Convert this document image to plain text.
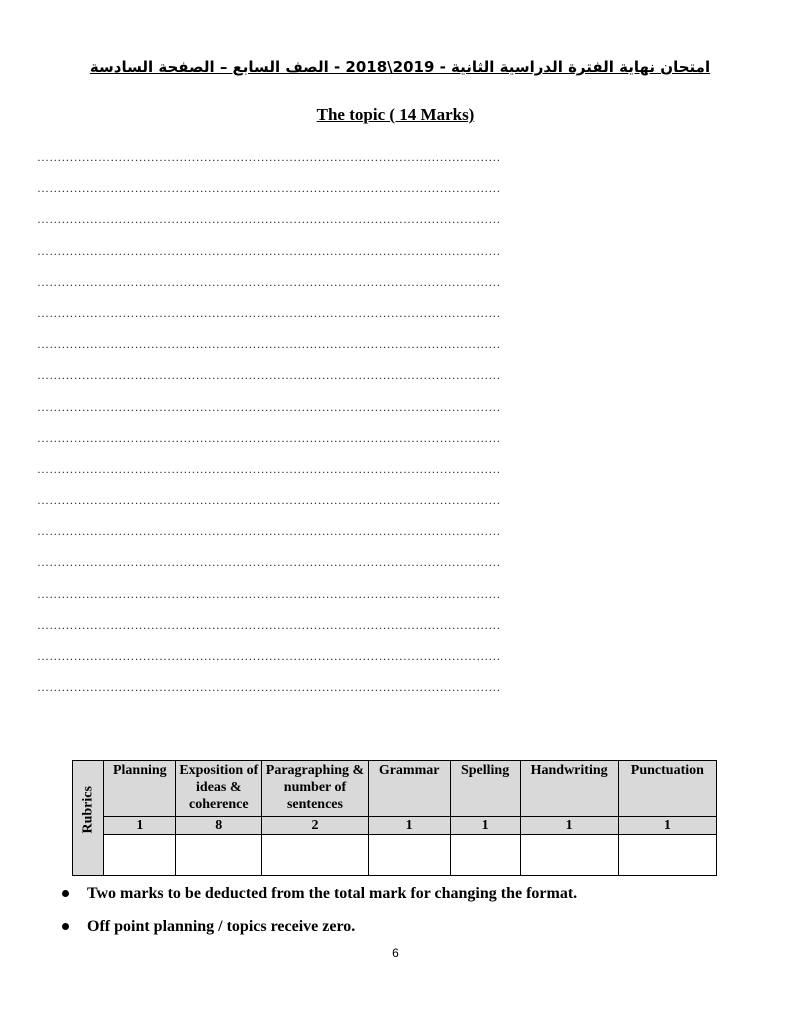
امتحان نهاية الفترة الدراسية الثانية - 2019\2018 - الصف السابع – الصفحة السادسة
The topic ( 14 Marks)
……………………………………………………………………………………………………
……………………………………………………………………………………………………
……………………………………………………………………………………………………
……………………………………………………………………………………………………
……………………………………………………………………………………………………
……………………………………………………………………………………………………
……………………………………………………………………………………………………
……………………………………………………………………………………………………
……………………………………………………………………………………………………
……………………………………………………………………………………………………
……………………………………………………………………………………………………
……………………………………………………………………………………………………
……………………………………………………………………………………………………
……………………………………………………………………………………………………
……………………………………………………………………………………………………
……………………………………………………………………………………………………
……………………………………………………………………………………………………
……………………………………………………………………………………………………
Rubrics	Planning	Exposition of ideas & coherence	Paragraphing & number of sentences	Grammar	Spelling	Handwriting	Punctuation
	1	8	2	1	1	1	1

Two marks to be deducted from the total mark for changing the format.
Off point planning / topics receive zero.
6
